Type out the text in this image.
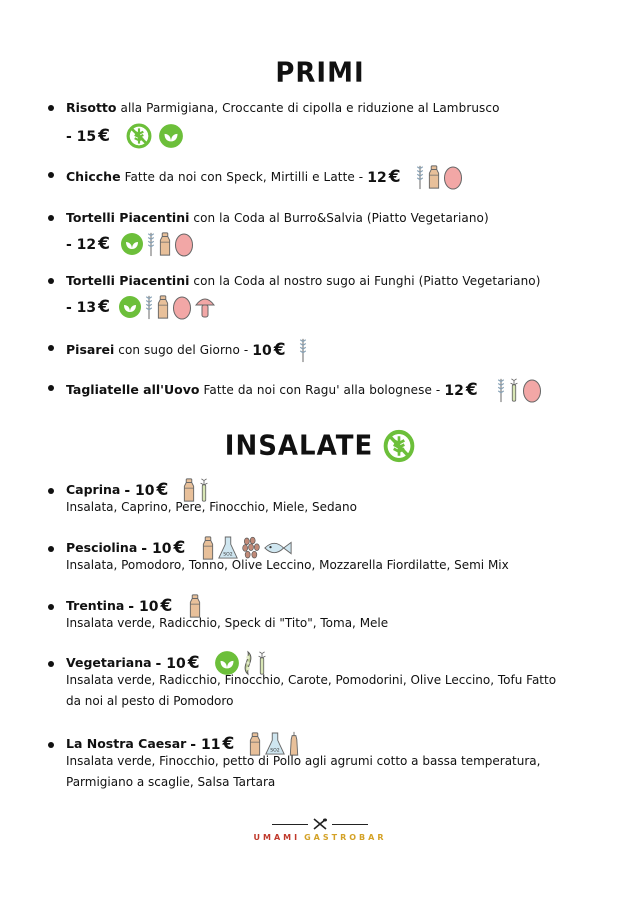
PRIMI
Risotto alla Parmigiana, Croccante di cipolla e riduzione al Lambrusco
- 15 €
Chicche Fatte da noi con Speck, Mirtilli e Latte - 12 €
Tortelli Piacentini con la Coda al Burro&Salvia (Piatto Vegetariano)
- 12 €
Tortelli Piacentini con la Coda al nostro sugo ai Funghi (Piatto Vegetariano)
- 13 €
Pisarei con sugo del Giorno - 10 €
Tagliatelle all'Uovo Fatte da noi con Ragu' alla bolognese - 12 €
INSALATE
Caprina - 10 €
Insalata, Caprino, Pere, Finocchio, Miele, Sedano
Pesciolina - 10 €
Insalata, Pomodoro, Tonno, Olive Leccino, Mozzarella Fiordilatte, Semi Mix
Trentina - 10 €
Insalata verde, Radicchio, Speck di "Tito", Toma, Mele
Vegetariana - 10 €
Insalata verde, Radicchio, Finocchio, Carote, Pomodorini, Olive Leccino, Tofu Fatto
da noi al pesto di Pomodoro
La Nostra Caesar - 11 €
Insalata verde, Finocchio, petto di Pollo agli agrumi cotto a bassa temperatura,
Parmigiano a scaglie, Salsa Tartara
UMAMI GASTROBAR
